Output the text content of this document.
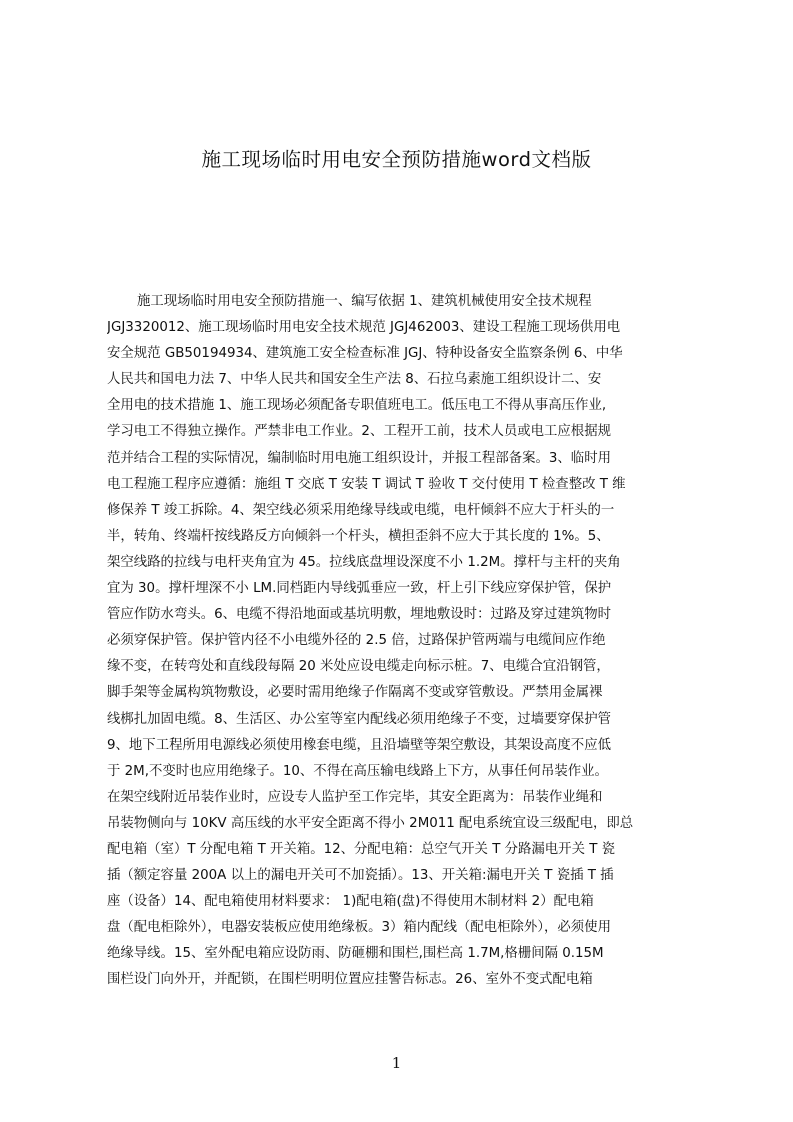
施工现场临时用电安全预防措施word文档版
施工现场临时用电安全预防措施一、编写依据 1、建筑机械使用安全技术规程
JGJ3320012、施工现场临时用电安全技术规范 JGJ462003、建设工程施工现场供用电
安全规范 GB50194934、建筑施工安全检查标准 JGJ、特种设备安全监察条例 6、中华
人民共和国电力法 7、中华人民共和国安全生产法 8、石拉乌素施工组织设计二、安
全用电的技术措施 1、施工现场必须配备专职值班电工。低压电工不得从事高压作业,
学习电工不得独立操作。严禁非电工作业。2、工程开工前，技术人员或电工应根据规
范并结合工程的实际情况，编制临时用电施工组织设计，并报工程部备案。3、临时用
电工程施工程序应遵循：施组 T 交底 T 安装 T 调试 T 验收 T 交付使用 T 检查整改 T 维
修保养 T 竣工拆除。4、架空线必须采用绝缘导线或电缆，电杆倾斜不应大于杆头的一
半，转角、终端杆按线路反方向倾斜一个杆头，横担歪斜不应大于其长度的 1%。5、
架空线路的拉线与电杆夹角宜为 45。拉线底盘埋设深度不小 1.2M。撑杆与主杆的夹角
宜为 30。撑杆埋深不小 LM.同档距内导线弧垂应一致，杆上引下线应穿保护管，保护
管应作防水弯头。6、电缆不得沿地面或基坑明敷，埋地敷设时：过路及穿过建筑物时
必须穿保护管。保护管内径不小电缆外径的 2.5 倍，过路保护管两端与电缆间应作绝
缘不变，在转弯处和直线段每隔 20 米处应设电缆走向标示桩。7、电缆合宜沿钢管，
脚手架等金属构筑物敷设，必要时需用绝缘子作隔离不变或穿管敷设。严禁用金属裸
线梆扎加固电缆。8、生活区、办公室等室内配线必须用绝缘子不变，过墙要穿保护管
9、地下工程所用电源线必须使用橡套电缆，且沿墙壁等架空敷设，其架设高度不应低
于 2M,不变时也应用绝缘子。10、不得在高压输电线路上下方，从事任何吊装作业。
在架空线附近吊装作业时，应设专人监护至工作完毕，其安全距离为：吊装作业绳和
吊装物侧向与 10KV 高压线的水平安全距离不得小 2M011 配电系统宜设三级配电，即总
配电箱（室）T 分配电箱 T 开关箱。12、分配电箱：总空气开关 T 分路漏电开关 T 瓷
插（额定容量 200A 以上的漏电开关可不加瓷插）。13、开关箱:漏电开关 T 瓷插 T 插
座（设备）14、配电箱使用材料要求： 1)配电箱(盘)不得使用木制材料 2）配电箱
盘（配电柜除外），电器安装板应使用绝缘板。3）箱内配线（配电柜除外），必须使用
绝缘导线。15、室外配电箱应设防雨、防砸棚和围栏,围栏高 1.7M,格栅间隔 0.15M
围栏设门向外开，并配锁，在围栏明明位置应挂警告标志。26、室外不变式配电箱
1
